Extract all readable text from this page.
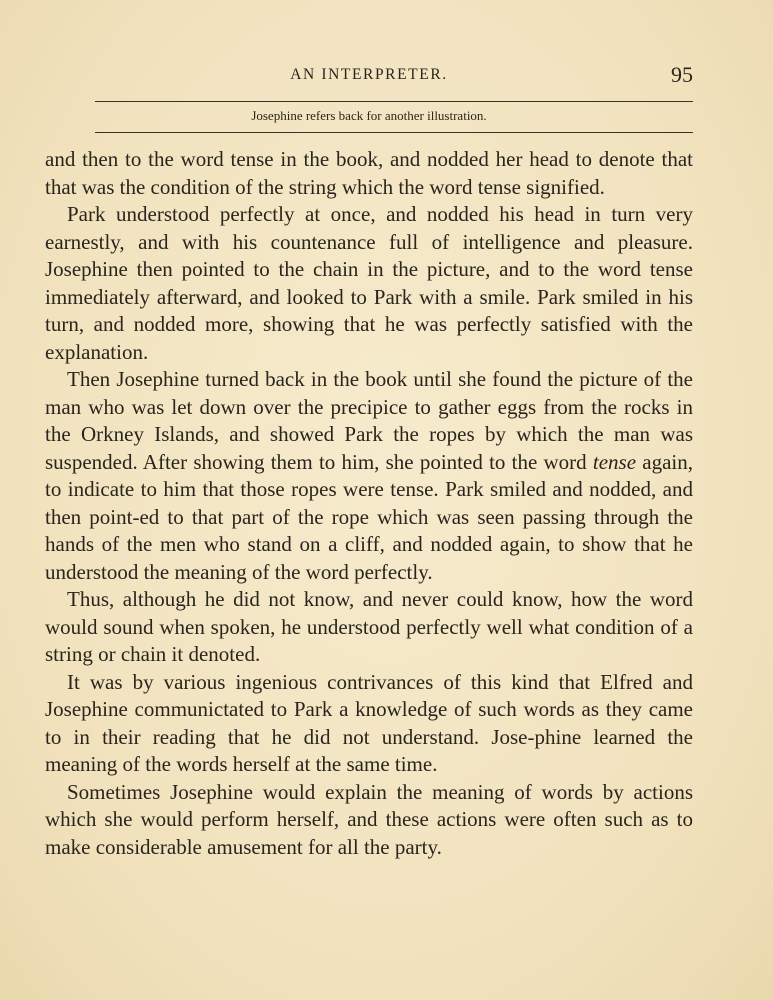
AN INTERPRETER.	95
Josephine refers back for another illustration.

and then to the word tense in the book, and nodded her head to denote that that was the condition of the string which the word tense signified.

Park understood perfectly at once, and nodded his head in turn very earnestly, and with his countenance full of intelligence and pleasure. Josephine then pointed to the chain in the picture, and to the word tense immediately afterward, and looked to Park with a smile. Park smiled in his turn, and nodded more, showing that he was perfectly satisfied with the explanation.

Then Josephine turned back in the book until she found the picture of the man who was let down over the precipice to gather eggs from the rocks in the Orkney Islands, and showed Park the ropes by which the man was suspended. After showing them to him, she pointed to the word tense again, to indicate to him that those ropes were tense. Park smiled and nodded, and then point-ed to that part of the rope which was seen passing through the hands of the men who stand on a cliff, and nodded again, to show that he understood the meaning of the word perfectly.

Thus, although he did not know, and never could know, how the word would sound when spoken, he understood perfectly well what condition of a string or chain it denoted.

It was by various ingenious contrivances of this kind that Elfred and Josephine communictated to Park a knowledge of such words as they came to in their reading that he did not understand. Jose-phine learned the meaning of the words herself at the same time.

Sometimes Josephine would explain the meaning of words by actions which she would perform herself, and these actions were often such as to make considerable amusement for all the party.
